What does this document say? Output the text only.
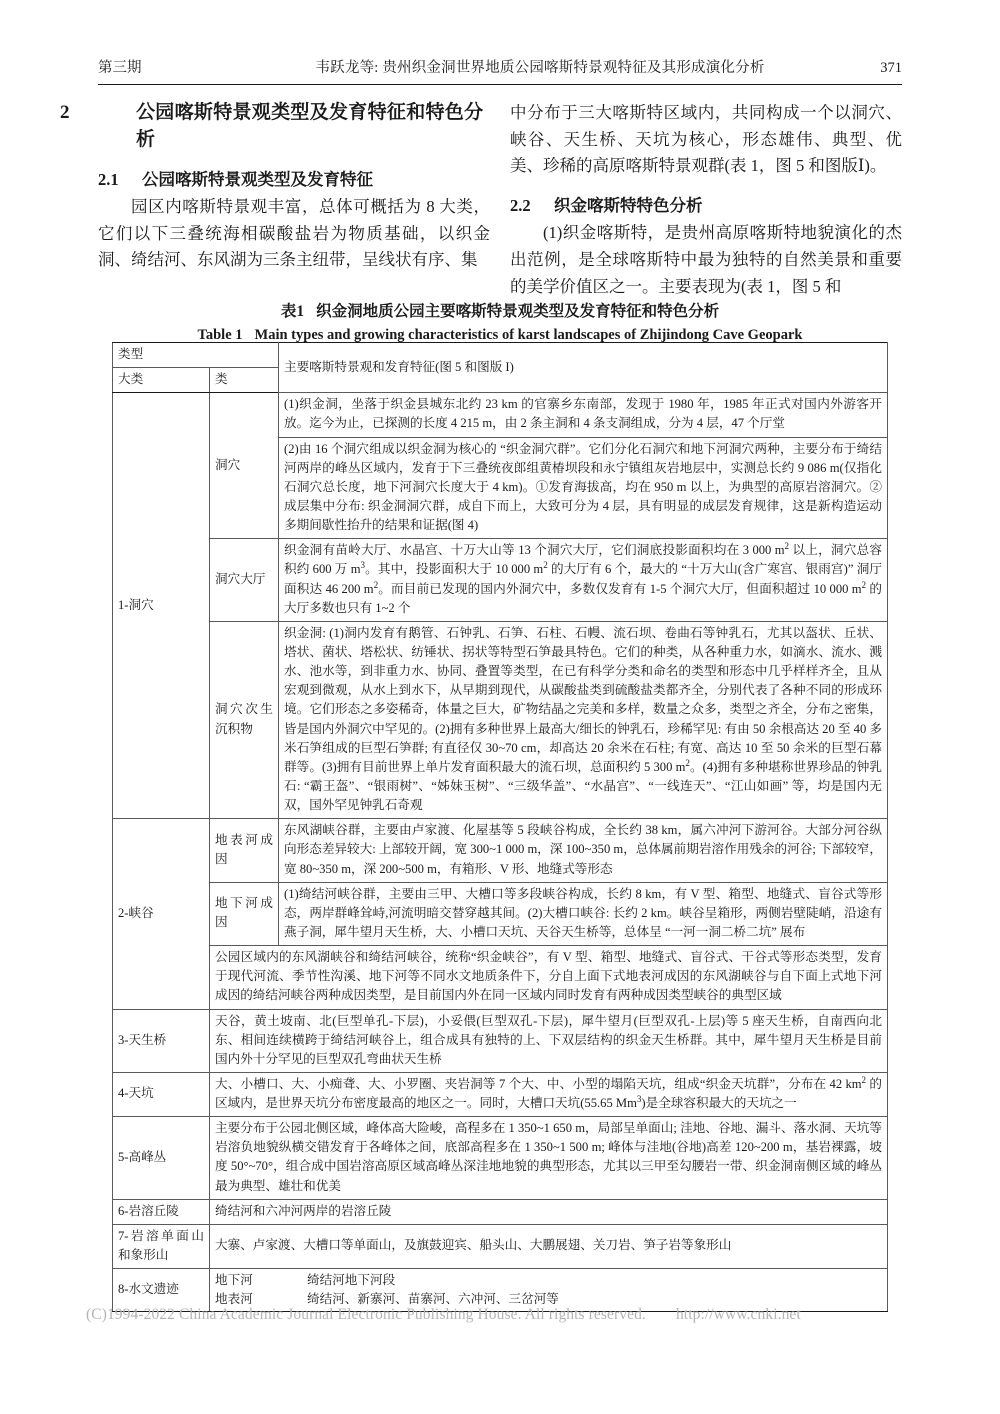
第三期	韦跃龙等: 贵州织金洞世界地质公园喀斯特景观特征及其形成演化分析	371
2	公园喀斯特景观类型及发育特征和特色分析
2.1 公园喀斯特景观类型及发育特征

园区内喀斯特景观丰富，总体可概括为 8 大类，它们以下三叠统海相碳酸盐岩为物质基础，以织金洞、绮结河、东风湖为三条主纽带，呈线状有序、集

中分布于三大喀斯特区域内，共同构成一个以洞穴、峡谷、天生桥、天坑为核心，形态雄伟、典型、优美、珍稀的高原喀斯特景观群(表 1，图 5 和图版Ⅰ)。

2.2 织金喀斯特特色分析

(1)织金喀斯特，是贵州高原喀斯特地貌演化的杰出范例，是全球喀斯特中最为独特的自然美景和重要的美学价值区之一。主要表现为(表 1，图 5 和

表1 织金洞地质公园主要喀斯特景观类型及发育特征和特色分析
Table 1 Main types and growing characteristics of karst landscapes of Zhijindong Cave Geopark
类型		主要喀斯特景观和发育特征(图 5 和图版 I)
大类	类	
1-洞穴	洞穴	(1)织金洞，坐落于织金县城东北约 23 km 的官寨乡东南部，发现于 1980 年，1985 年正式对国内外游客开放。迄今为止，已探测的长度 4 215 m，由 2 条主洞和 4 条支洞组成，分为 4 层，47 个厅堂
		(2)由 16 个洞穴组成以织金洞为核心的 “织金洞穴群”。它们分化石洞穴和地下河洞穴两种，主要分布于绮结河两岸的峰丛区域内，发育于下三叠统夜郎组黄椿坝段和永宁镇组灰岩地层中，实测总长约 9 086 m(仅指化石洞穴总长度，地下河洞穴长度大于 4 km)。①发育海拔高，均在 950 m 以上，为典型的高原岩溶洞穴。②成层集中分布: 织金洞洞穴群，成自下而上，大致可分为 4 层，具有明显的成层发育规律，这是新构造运动多期间歇性抬升的结果和证据(图 4)
	洞穴大厅	织金洞有苗岭大厅、水晶宫、十万大山等 13 个洞穴大厅，它们洞底投影面积均在 3 000 $m^2$ 以上，洞穴总容积约 600 万 $m^3$。其中，投影面积大于 10 000 $m^2$ 的大厅有 6 个，最大的 “十万大山(含广寒宫、银雨宫)” 洞厅面积达 46 200 $m^2$。而目前已发现的国内外洞穴中，多数仅发育有 1-5 个洞穴大厅，但面积超过 10 000 $m^2$ 的大厅多数也只有 1~2 个
	洞穴次生沉积物	织金洞: (1)洞内发育有鹅管、石钟乳、石笋、石柱、石幔、流石坝、卷曲石等钟乳石，尤其以盔状、丘状、塔状、菌状、塔松状、纺锤状、拐状等特型石笋最具特色。它们的种类，从各种重力水，如滴水、流水、溅水、池水等，到非重力水、协同、叠置等类型，在已有科学分类和命名的类型和形态中几乎样样齐全，且从宏观到微观，从水上到水下，从早期到现代，从碳酸盐类到硫酸盐类都齐全，分别代表了各种不同的形成环境。它们形态之多姿稀奇，体量之巨大，矿物结晶之完美和多样，数量之众多，类型之齐全，分布之密集，皆是国内外洞穴中罕见的。(2)拥有多种世界上最高大/细长的钟乳石，珍稀罕见: 有由 50 余根高达 20 至 40 多米石笋组成的巨型石笋群; 有直径仅 30~70 cm，却高达 20 余米在石柱; 有宽、高达 10 至 50 余米的巨型石幕群等。(3)拥有目前世界上单片发育面积最大的流石坝，总面积约 5 300 $m^2$。(4)拥有多种堪称世界珍品的钟乳石: “霸王盔”、“银雨树”、“姊妹玉树”、“三级华盖”、“水晶宫”、“一线连天”、“江山如画” 等，均是国内无双，国外罕见钟乳石奇观
2-峡谷	地表河成因	东风湖峡谷群，主要由卢家渡、化屋基等 5 段峡谷构成，全长约 38 km，属六冲河下游河谷。大部分河谷纵向形态差异较大: 上部较开阔，宽 300~1 000 m，深 100~350 m，总体属前期岩溶作用残余的河谷; 下部较窄，宽 80~350 m，深 200~500 m，有箱形、V 形、地缝式等形态
	地下河成因	(1)绮结河峡谷群，主要由三甲、大槽口等多段峡谷构成，长约 8 km，有 V 型、箱型、地缝式、盲谷式等形态，两岸群峰耸峙,河流明暗交替穿越其间。(2)大槽口峡谷: 长约 2 km。峡谷呈箱形，两侧岩壁陡峭，沿途有燕子洞，犀牛望月天生桥，大、小槽口天坑、天谷天生桥等，总体呈 “一河一洞二桥二坑” 展布
	公园区域内的东风湖峡谷和绮结河峡谷，统称“织金峡谷”，有 V 型、箱型、地缝式、盲谷式、干谷式等形态类型，发育于现代河流、季节性沟溪、地下河等不同水文地质条件下，分自上面下式地表河成因的东风湖峡谷与自下面上式地下河成因的绮结河峡谷两种成因类型，是目前国内外在同一区域内同时发育有两种成因类型峡谷的典型区域	
3-天生桥	天谷，黄土坡南、北(巨型单孔-下层)，小妥偎(巨型双孔-下层)，犀牛望月(巨型双孔-上层)等 5 座天生桥，自南西向北东、相间连续横跨于绮结河峡谷上，组合成具有独特的上、下双层结构的织金天生桥群。其中，犀牛望月天生桥是目前国内外十分罕见的巨型双孔弯曲状天生桥	
4-天坑	大、小槽口、大、小痴聋、大、小罗圈、夹岩洞等 7 个大、中、小型的塌陷天坑，组成“织金天坑群”，分布在 42 $km^2$ 的区域内，是世界天坑分布密度最高的地区之一。同时，大槽口天坑(55.65 Mm$^3$)是全球容积最大的天坑之一	
5-高峰丛	主要分布于公园北侧区域，峰体高大险峻，高程多在 1 350~1 650 m，局部呈单面山; 洼地、谷地、漏斗、落水洞、天坑等岩溶负地貌纵横交错发育于各峰体之间，底部高程多在 1 350~1 500 m; 峰体与洼地(谷地)高差 120~200 m，基岩裸露，坡度 50°~70°，组合成中国岩溶高原区域高峰丛深洼地地貌的典型形态，尤其以三甲至勾腰岩一带、织金洞南侧区域的峰丛最为典型、雄壮和优美	
6-岩溶丘陵	绮结河和六冲河两岸的岩溶丘陵	
7-岩溶单面山和象形山	大寨、卢家渡、大槽口等单面山，及旗鼓迎宾、船头山、大鹏展翅、关刀岩、笋子岩等象形山	
8-水文遗迹	地下河 绮结河地下河段
地表河 绮结河、新寨河、苗寨河、六冲河、三岔河等	
(C)1994-2022 China Academic Journal Electronic Publishing House. All rights reserved. http://www.cnki.net
